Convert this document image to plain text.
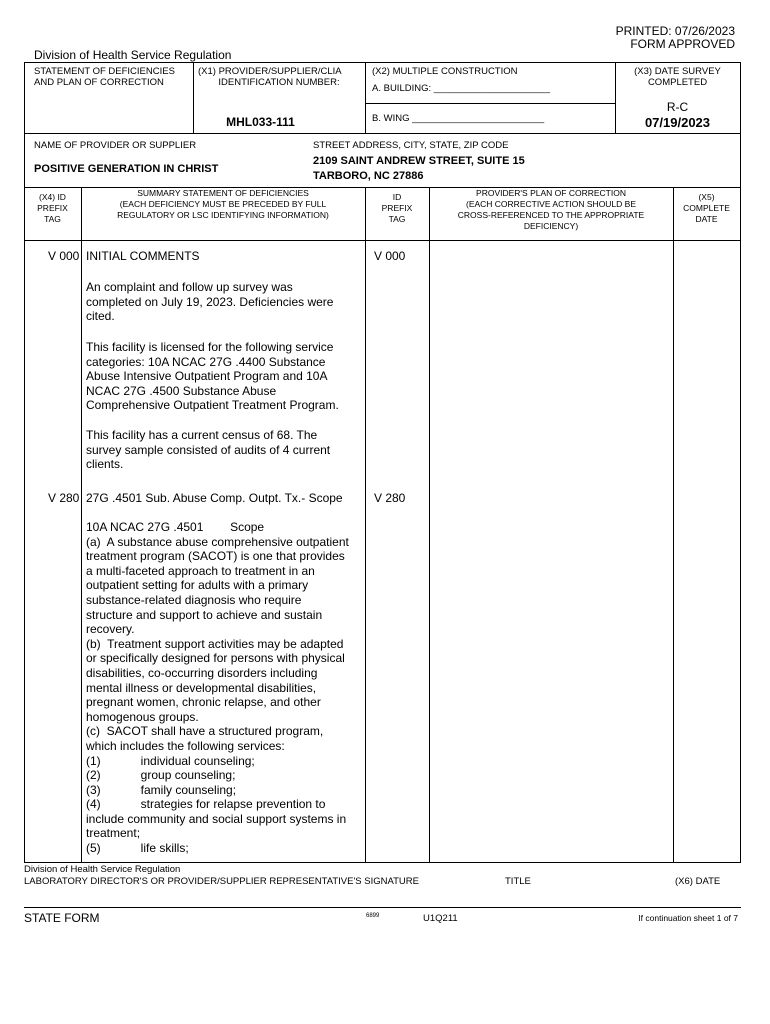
PRINTED: 07/26/2023
FORM APPROVED
Division of Health Service Regulation
STATEMENT OF DEFICIENCIES
AND PLAN OF CORRECTION
(X1) PROVIDER/SUPPLIER/CLIA
IDENTIFICATION NUMBER:
MHL033-111
(X2) MULTIPLE CONSTRUCTION
A. BUILDING: ______________________
B. WING _________________________
(X3) DATE SURVEY
COMPLETED
R-C
07/19/2023
NAME OF PROVIDER OR SUPPLIER	STREET ADDRESS, CITY, STATE, ZIP CODE
POSITIVE GENERATION IN CHRIST
2109 SAINT ANDREW STREET, SUITE 15
TARBORO, NC 27886
(X4) ID
PREFIX
TAG
SUMMARY STATEMENT OF DEFICIENCIES
(EACH DEFICIENCY MUST BE PRECEDED BY FULL
REGULATORY OR LSC IDENTIFYING INFORMATION)
ID
PREFIX
TAG
PROVIDER'S PLAN OF CORRECTION
(EACH CORRECTIVE ACTION SHOULD BE
CROSS-REFERENCED TO THE APPROPRIATE
DEFICIENCY)
(X5)
COMPLETE
DATE
V 000 INITIAL COMMENTS	V 000
An complaint and follow up survey was
completed on July 19, 2023. Deficiencies were
cited.
This facility is licensed for the following service
categories: 10A NCAC 27G .4400 Substance
Abuse Intensive Outpatient Program and 10A
NCAC 27G .4500 Substance Abuse
Comprehensive Outpatient Treatment Program.
This facility has a current census of 68. The
survey sample consisted of audits of 4 current
clients.
V 280 27G .4501 Sub. Abuse Comp. Outpt. Tx.- Scope	V 280
10A NCAC 27G .4501        Scope
(a)  A substance abuse comprehensive outpatient
treatment program (SACOT) is one that provides
a multi-faceted approach to treatment in an
outpatient setting for adults with a primary
substance-related diagnosis who require
structure and support to achieve and sustain
recovery.
(b)  Treatment support activities may be adapted
or specifically designed for persons with physical
disabilities, co-occurring disorders including
mental illness or developmental disabilities,
pregnant women, chronic relapse, and other
homogenous groups.
(c)  SACOT shall have a structured program,
which includes the following services:
(1)            individual counseling;
(2)            group counseling;
(3)            family counseling;
(4)            strategies for relapse prevention to
include community and social support systems in
treatment;
(5)            life skills;
Division of Health Service Regulation
LABORATORY DIRECTOR'S OR PROVIDER/SUPPLIER REPRESENTATIVE'S SIGNATURE	TITLE	(X6) DATE
STATE FORM	6899	U1Q211	If continuation sheet 1 of 7
